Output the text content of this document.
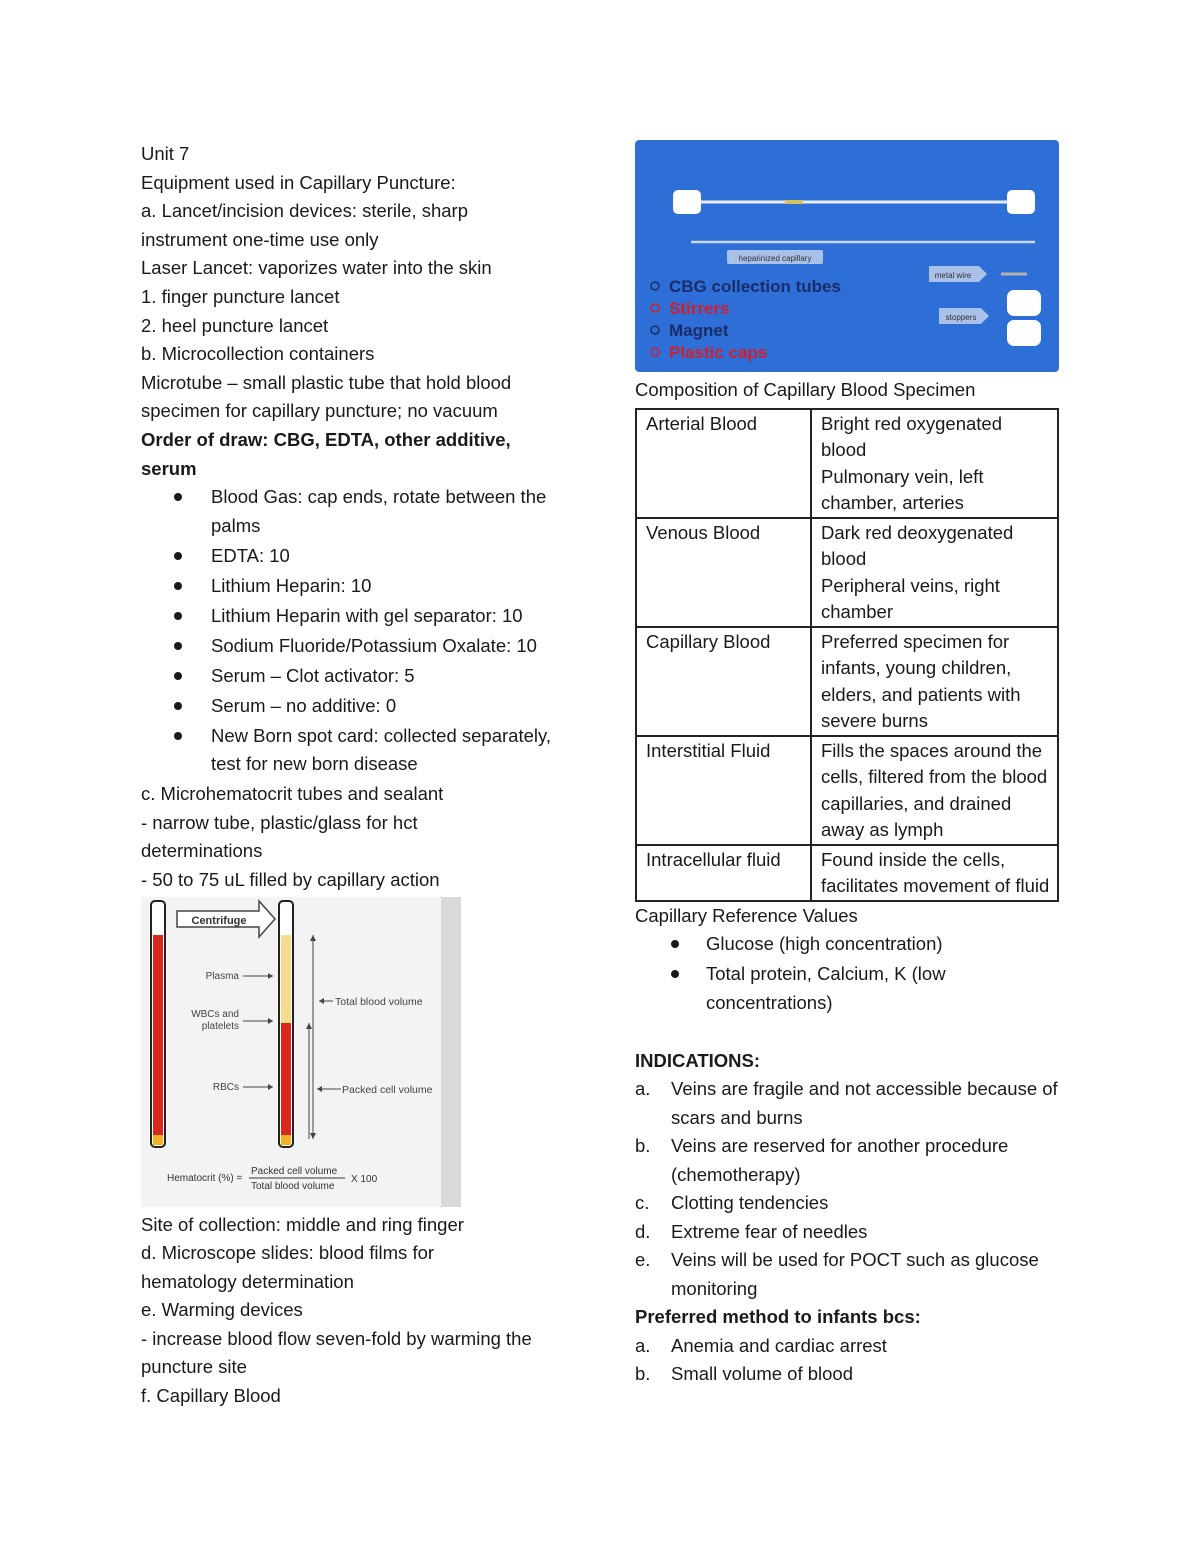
Unit 7
Equipment used in Capillary Puncture:
a. Lancet/incision devices: sterile, sharp
instrument one-time use only
Laser Lancet: vaporizes water into the skin
1. finger puncture lancet
2. heel puncture lancet
b. Microcollection containers
Microtube – small plastic tube that hold blood
specimen for capillary puncture; no vacuum
Order of draw: CBG, EDTA, other additive,
serum
Blood Gas: cap ends, rotate between the palms
EDTA: 10
Lithium Heparin: 10
Lithium Heparin with gel separator: 10
Sodium Fluoride/Potassium Oxalate: 10
Serum – Clot activator: 5
Serum – no additive: 0
New Born spot card: collected separately, test for new born disease
c. Microhematocrit tubes and sealant
- narrow tube, plastic/glass for hct
determinations
- 50 to 75 uL filled by capillary action
Centrifuge
Plasma
WBCs and
platelets
RBCs
Total blood volume
Packed cell volume
Hematocrit (%) =
Packed cell volume
Total blood volume
X 100
Site of collection: middle and ring finger
d. Microscope slides: blood films for
hematology determination
e. Warming devices
- increase blood flow seven-fold by warming the
puncture site
f. Capillary Blood
heparinized capillary
metal wire
stoppers
CBG collection tubes
Stirrers
Magnet
Plastic caps
Composition of Capillary Blood Specimen
Arterial Blood	Bright red oxygenated blood
Pulmonary vein, left chamber, arteries

Venous Blood	Dark red deoxygenated blood
Peripheral veins, right chamber

Capillary Blood	Preferred specimen for infants, young children, elders, and patients with severe burns
Interstitial Fluid	Fills the spaces around the cells, filtered from the blood capillaries, and drained away as lymph
Intracellular fluid	Found inside the cells, facilitates movement of fluid
Capillary Reference Values
Glucose (high concentration)
Total protein, Calcium, K (low concentrations)
INDICATIONS:
a. Veins are fragile and not accessible because of scars and burns
b. Veins are reserved for another procedure (chemotherapy)
c. Clotting tendencies
d. Extreme fear of needles
e. Veins will be used for POCT such as glucose monitoring
Preferred method to infants bcs:
a. Anemia and cardiac arrest
b. Small volume of blood
